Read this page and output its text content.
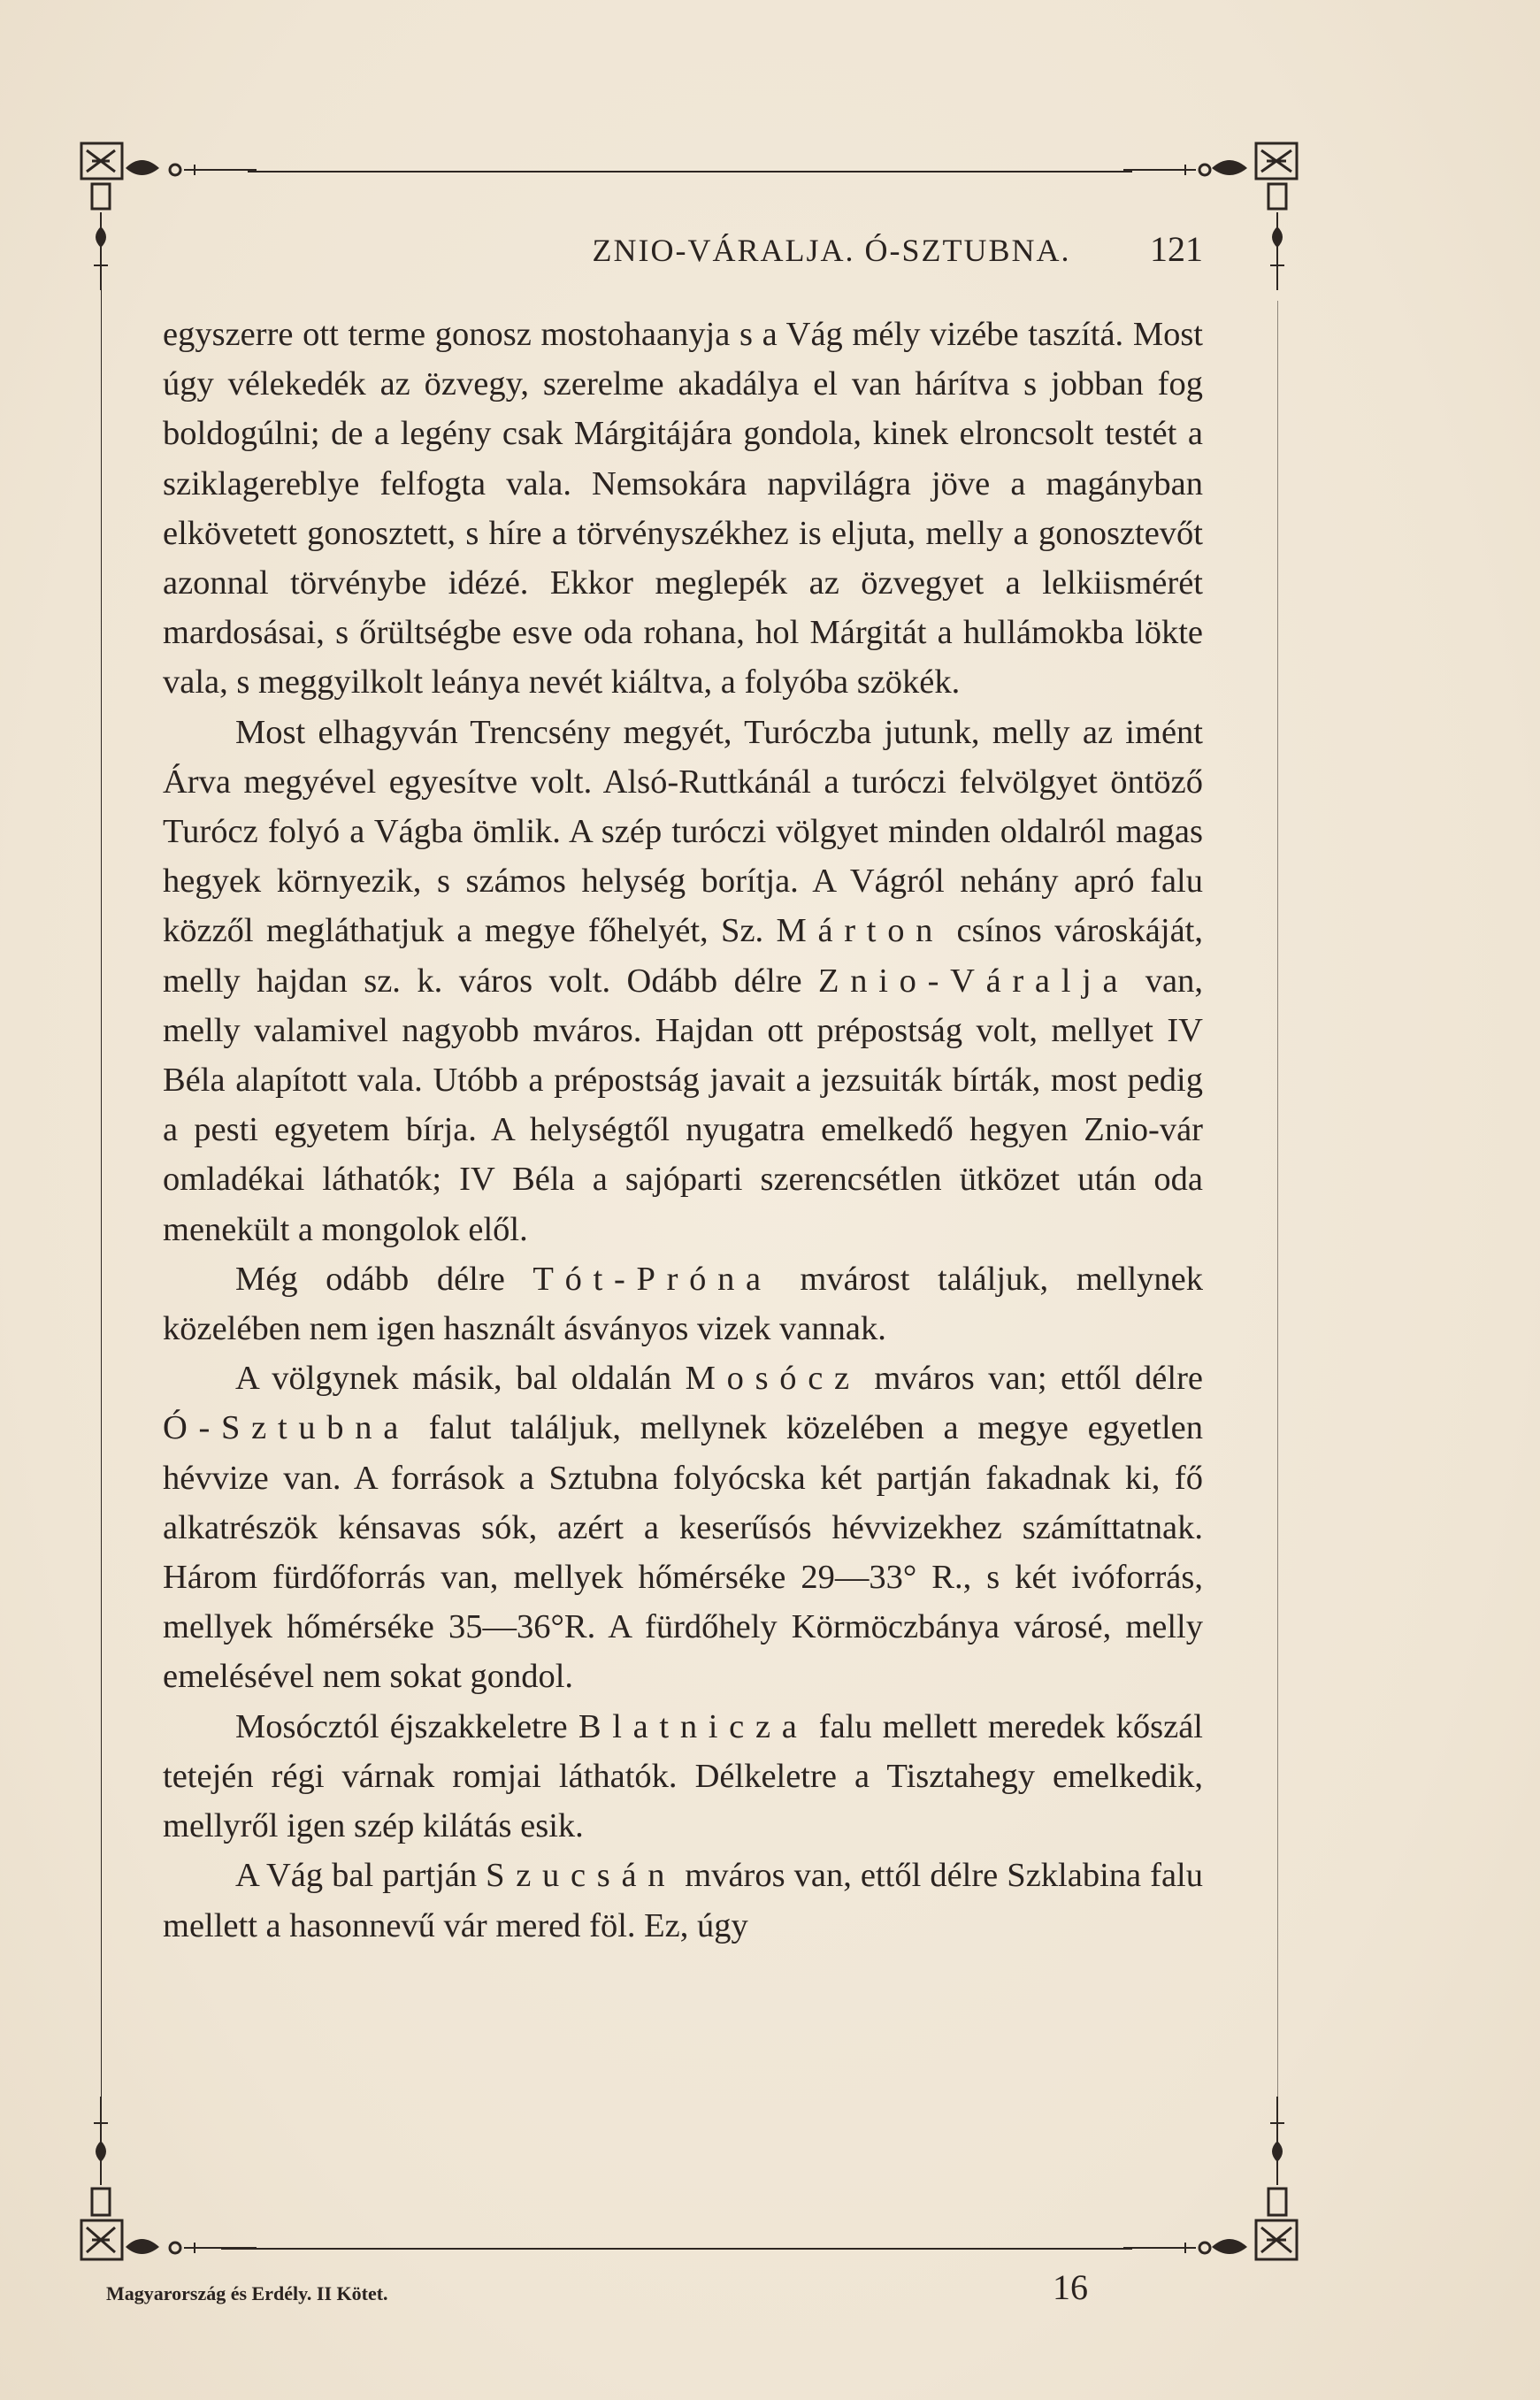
ZNIO-VÁRALJA. Ó-SZTUBNA.	121

egyszerre ott terme gonosz mostohaanyja s a Vág mély vizébe taszítá. Most úgy vélekedék az özvegy, szerelme akadálya el van hárítva s jobban fog boldogúlni; de a legény csak Márgitájára gondola, kinek elroncsolt testét a sziklagereblye felfogta vala. Nemsokára napvilágra jöve a magányban elkövetett gonosztett, s híre a törvényszékhez is eljuta, melly a gonosztevőt azonnal törvénybe idézé. Ekkor meglepék az özvegyet a lelkiismérét mardosásai, s őrültségbe esve oda rohana, hol Márgitát a hullámokba lökte vala, s meggyilkolt leánya nevét kiáltva, a folyóba szökék.

Most elhagyván Trencsény megyét, Turóczba jutunk, melly az imént Árva megyével egyesítve volt. Alsó-Ruttkánál a turóczi felvölgyet öntöző Turócz folyó a Vágba ömlik. A szép turóczi völgyet minden oldalról magas hegyek környezik, s számos helység borítja. A Vágról nehány apró falu közzől megláthatjuk a megye főhelyét, Sz. Márton csínos városkáját, melly hajdan sz. k. város volt. Odább délre Znio-Váralja van, melly valamivel nagyobb mváros. Hajdan ott prépostság volt, mellyet IV Béla alapított vala. Utóbb a prépostság javait a jezsuiták bírták, most pedig a pesti egyetem bírja. A helységtől nyugatra emelkedő hegyen Znio-vár omladékai láthatók; IV Béla a sajóparti szerencsétlen ütközet után oda menekült a mongolok elől.

Még odább délre Tót-Próna mvárost találjuk, mellynek közelében nem igen használt ásványos vizek vannak.

A völgynek másik, bal oldalán Mosócz mváros van; ettől délre Ó-Sztubna falut találjuk, mellynek közelében a megye egyetlen hévvize van. A források a Sztubna folyócska két partján fakadnak ki, fő alkatrészök kénsavas sók, azért a keserűsós hévvizekhez számíttatnak. Három fürdőforrás van, mellyek hőmérséke 29—33° R., s két ivóforrás, mellyek hőmérséke 35—36°R. A fürdőhely Körmöczbánya városé, melly emelésével nem sokat gondol.

Mosócztól éjszakkeletre Blatnicza falu mellett meredek kőszál tetején régi várnak romjai láthatók. Délkeletre a Tisztahegy emelkedik, mellyről igen szép kilátás esik.

A Vág bal partján Szucsán mváros van, ettől délre Szklabina falu mellett a hasonnevű vár mered föl. Ez, úgy

Magyarország és Erdély. II Kötet.	16
